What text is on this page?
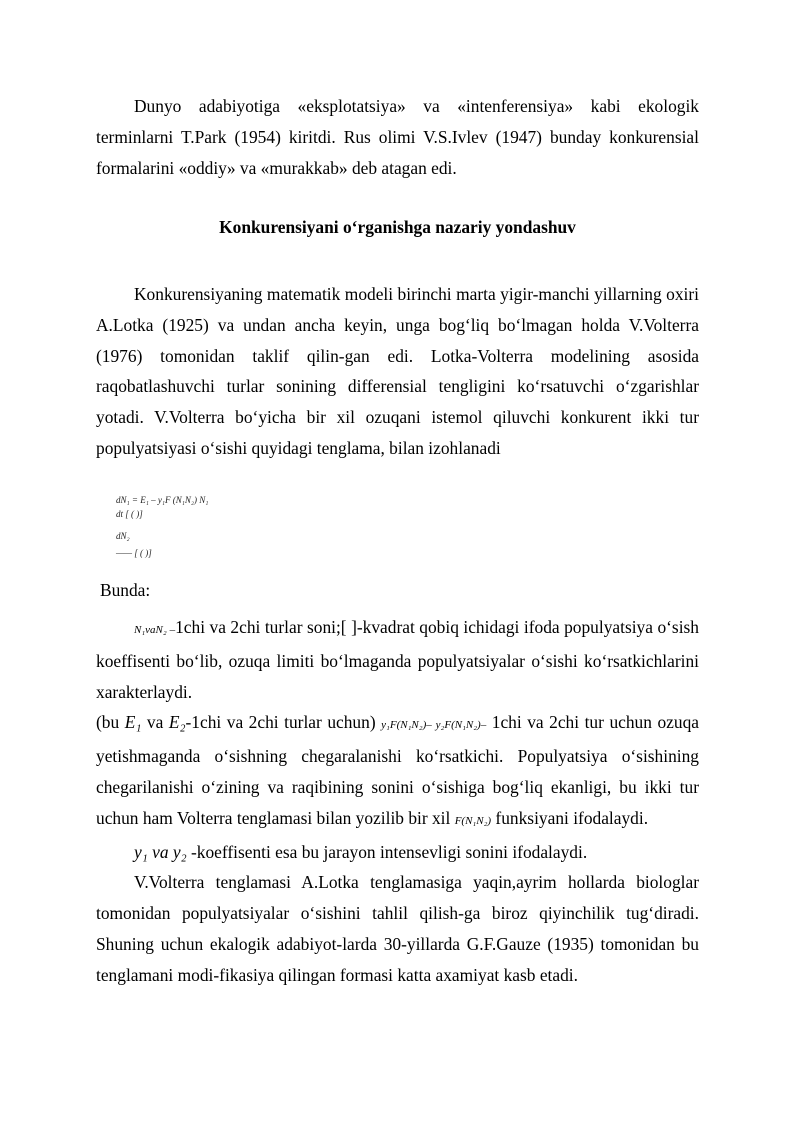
Dunyo adabiyotiga «eksplotatsiya» va «intenferensiya» kabi ekologik terminlarni T.Park (1954) kiritdi. Rus olimi V.S.Ivlev (1947) bunday konkurensial formalarini «oddiy» va «murakkab» deb atagan edi.
Konkurensiyani o‘rganishga nazariy yondashuv
Konkurensiyaning matematik modeli birinchi marta yigir-manchi yillarning oxiri A.Lotka (1925) va undan ancha keyin, unga bog‘liq bo‘lmagan holda V.Volterra (1976) tomonidan taklif qilin-gan edi. Lotka-Volterra modelining asosida raqobatlashuvchi turlar sonining differensial tengligini ko‘rsatuvchi o‘zgarishlar yotadi. V.Volterra bo‘yicha bir xil ozuqani istemol qiluvchi konkurent ikki tur populyatsiyasi o‘sishi quyidagi tenglama, bilan izohlanadi
dN₁ = E₁ – y₁F (N₁N₂) N₁
dt [ ( )]
dN₂
—— [ ( )]
Bunda:
N₁vaN₂ –1chi va 2chi turlar soni;[ ]-kvadrat qobiq ichidagi ifoda populyatsiya o‘sish koeffisenti bo‘lib, ozuqa limiti bo‘lmaganda populyatsiyalar o‘sishi ko‘rsatkichlarini xarakterlaydi.
(bu E₁ va E₂-1chi va 2chi turlar uchun) y₁F(N₁N₂)– y₂F(N₁N₂)– 1chi va 2chi tur uchun ozuqa yetishmaganda o‘sishning chegaralanishi ko‘rsatkichi. Populyatsiya o‘sishining chegarilanishi o‘zining va raqibining sonini o‘sishiga bog‘liq ekanligi, bu ikki tur uchun ham Volterra tenglamasi bilan yozilib bir xil F(N₁N₂) funksiyani ifodalaydi.
y₁ va y₂ -koeffisenti esa bu jarayon intensevligi sonini ifodalaydi.
V.Volterra tenglamasi A.Lotka tenglamasiga yaqin,ayrim hollarda biologlar tomonidan populyatsiyalar o‘sishini tahlil qilish-ga biroz qiyinchilik tug‘diradi. Shuning uchun ekalogik adabiyot-larda 30-yillarda G.F.Gauze (1935) tomonidan bu tenglamani modi-fikasiya qilingan formasi katta axamiyat kasb etadi.
